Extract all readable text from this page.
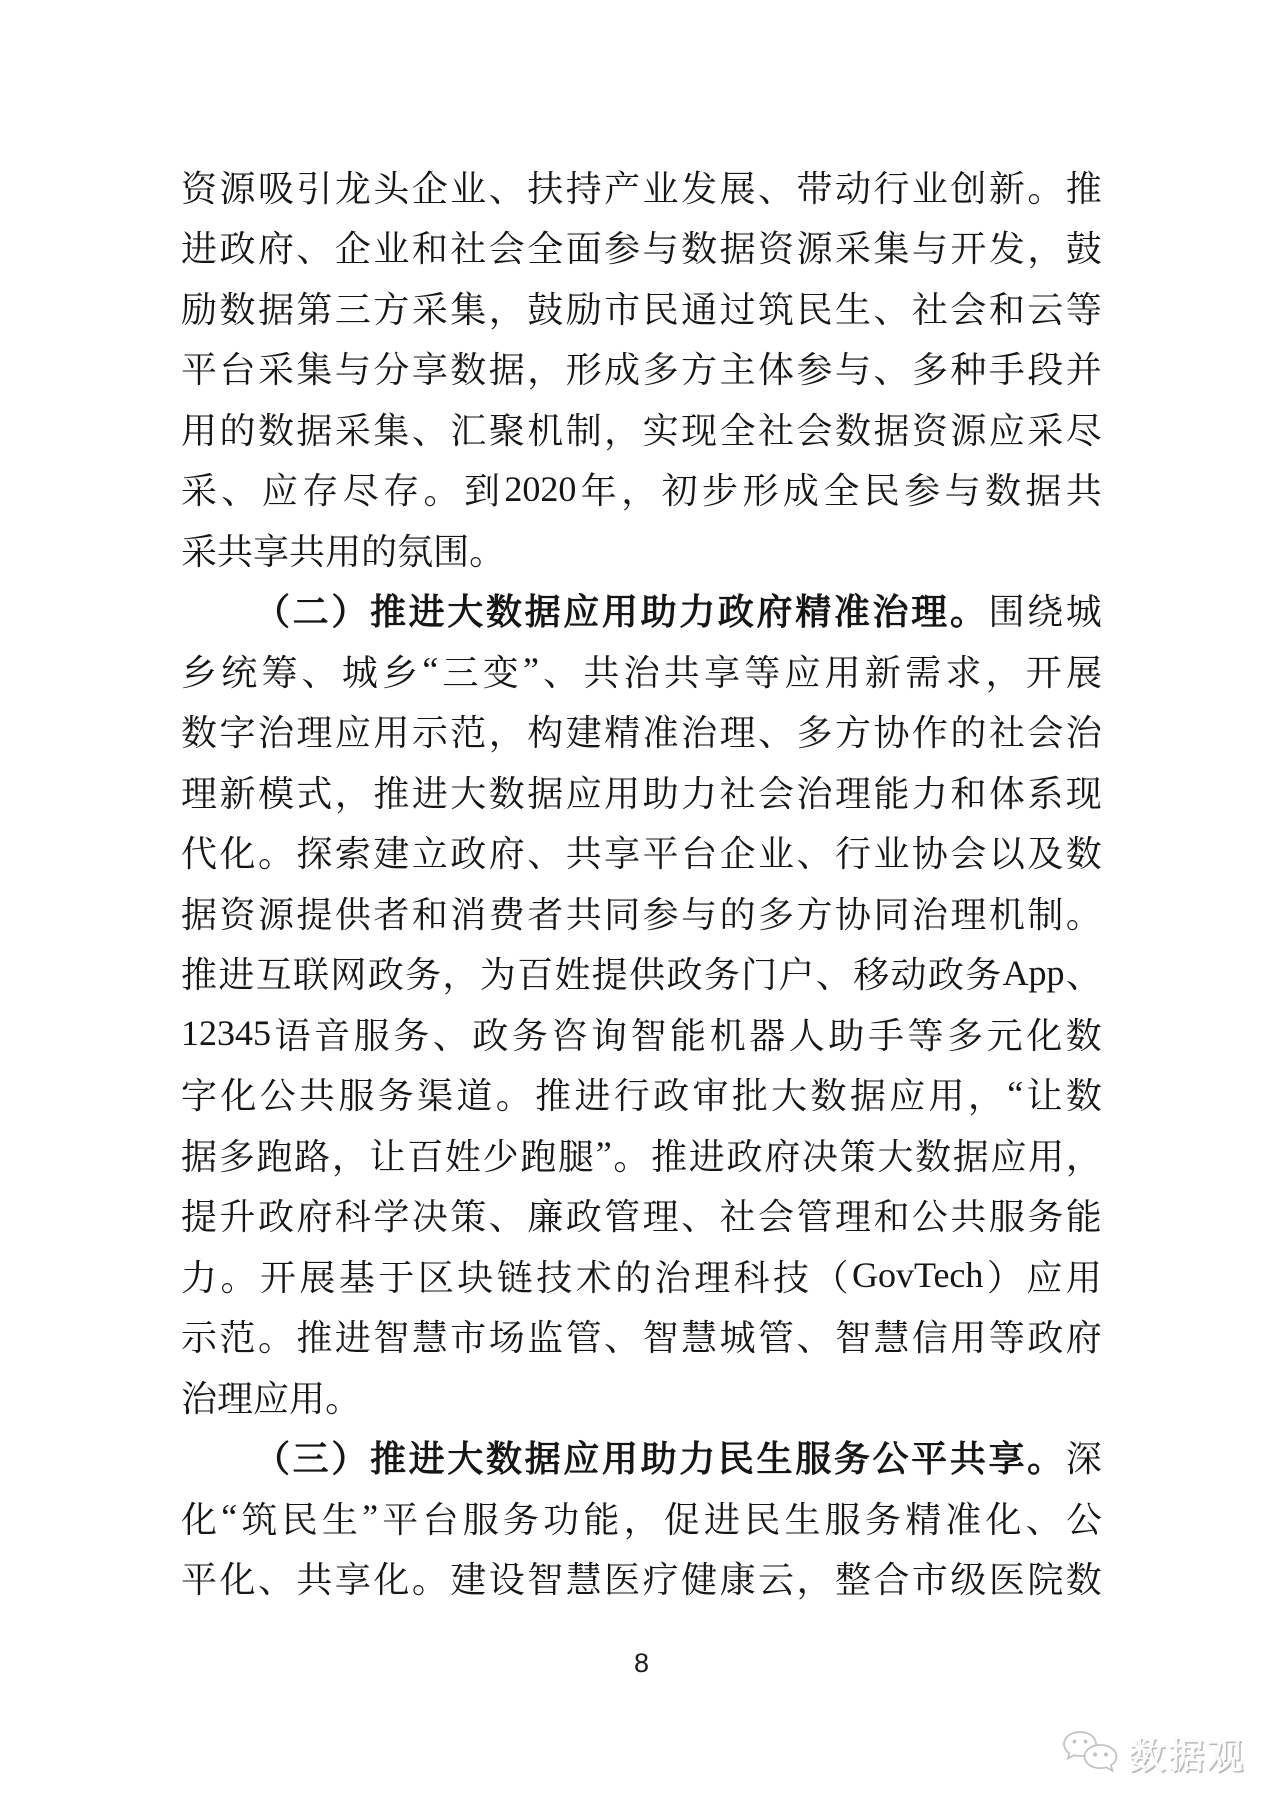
资 源 吸 引 龙 头 企 业 、 扶 持 产 业 发 展 、 带 动 行 业 创 新 。 推
进 政 府 、 企 业 和 社 会 全 面 参 与 数 据 资 源 采 集 与 开 发 ， 鼓
励 数 据 第 三 方 采 集 ， 鼓 励 市 民 通 过 筑 民 生 、 社 会 和 云 等
平 台 采 集 与 分 享 数 据 ， 形 成 多 方 主 体 参 与 、 多 种 手 段 并
用 的 数 据 采 集 、 汇 聚 机 制 ， 实 现 全 社 会 数 据 资 源 应 采 尽
采 、 应 存 尽 存 。 到 2020 年 ， 初 步 形 成 全 民 参 与 数 据 共
采 共 享 共 用 的 氛 围 。
（ 二 ） 推 进 大 数 据 应 用 助 力 政 府 精 准 治 理 。 围 绕 城
乡 统 筹 、 城 乡 “ 三 变 ” 、 共 治 共 享 等 应 用 新 需 求 ， 开 展
数 字 治 理 应 用 示 范 ， 构 建 精 准 治 理 、 多 方 协 作 的 社 会 治
理 新 模 式 ， 推 进 大 数 据 应 用 助 力 社 会 治 理 能 力 和 体 系 现
代 化 。 探 索 建 立 政 府 、 共 享 平 台 企 业 、 行 业 协 会 以 及 数
据 资 源 提 供 者 和 消 费 者 共 同 参 与 的 多 方 协 同 治 理 机 制 。
推 进 互 联 网 政 务 ， 为 百 姓 提 供 政 务 门 户 、 移 动 政 务 App 、
12345 语 音 服 务 、 政 务 咨 询 智 能 机 器 人 助 手 等 多 元 化 数
字 化 公 共 服 务 渠 道 。 推 进 行 政 审 批 大 数 据 应 用 ， “ 让 数
据 多 跑 路 ， 让 百 姓 少 跑 腿 ” 。 推 进 政 府 决 策 大 数 据 应 用 ，
提 升 政 府 科 学 决 策 、 廉 政 管 理 、 社 会 管 理 和 公 共 服 务 能
力 。 开 展 基 于 区 块 链 技 术 的 治 理 科 技 （ GovTech ） 应 用
示 范 。 推 进 智 慧 市 场 监 管 、 智 慧 城 管 、 智 慧 信 用 等 政 府
治 理 应 用 。
（ 三 ） 推 进 大 数 据 应 用 助 力 民 生 服 务 公 平 共 享 。 深
化 “ 筑 民 生 ” 平 台 服 务 功 能 ， 促 进 民 生 服 务 精 准 化 、 公
平 化 、 共 享 化 。 建 设 智 慧 医 疗 健 康 云 ， 整 合 市 级 医 院 数
8
数据观
